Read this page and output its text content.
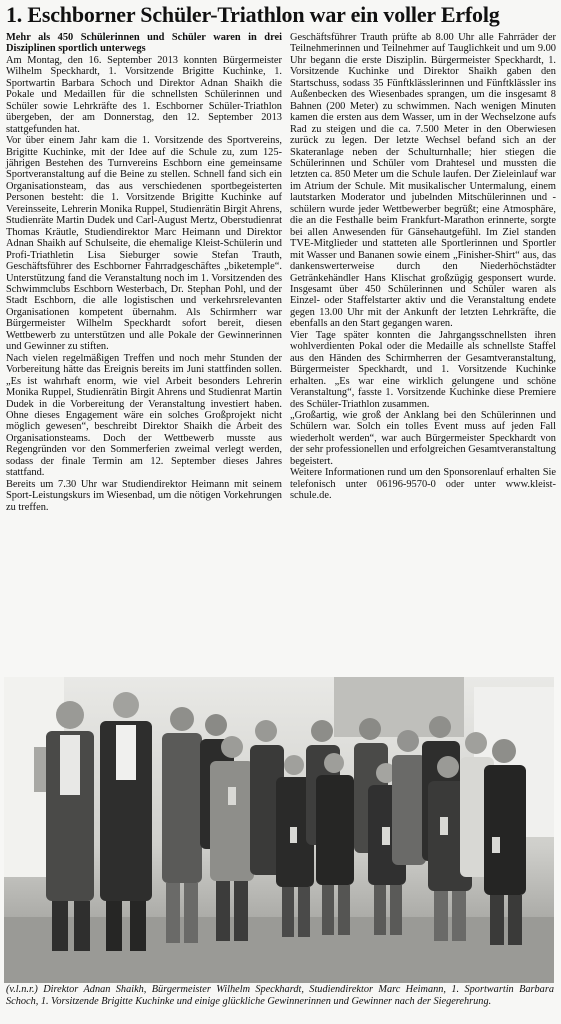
1. Eschborner Schüler-Triathlon war ein voller Erfolg

Mehr als 450 Schülerinnen und Schüler waren in drei Disziplinen sportlich unterwegs

Am Montag, den 16. September 2013 konnten Bürgermeister Wilhelm Speckhardt, 1. Vorsitzende Brigitte Kuchinke, 1. Sportwartin Barbara Schoch und Direktor Adnan Shaikh die Pokale und Medaillen für die schnellsten Schülerinnen und Schüler sowie Lehrkräfte des 1. Eschborner Schüler-Triathlon übergeben, der am Donnerstag, den 12. September 2013 stattgefunden hat.

Vor über einem Jahr kam die 1. Vorsitzende des Sportvereins, Brigitte Kuchinke, mit der Idee auf die Schule zu, zum 125-jährigen Bestehen des Turnvereins Eschborn eine gemeinsame Sportveranstaltung auf die Beine zu stellen. Schnell fand sich ein Organisationsteam, das aus verschiedenen sportbegeisterten Personen besteht: die 1. Vorsitzende Brigitte Kuchinke auf Vereinsseite, Lehrerin Monika Ruppel, Studienrätin Birgit Ahrens, Studienräte Martin Dudek und Carl-August Mertz, Oberstudienrat Thomas Kräutle, Studiendirektor Marc Heimann und Direktor Adnan Shaikh auf Schulseite, die ehemalige Kleist-Schülerin und Profi-Triathletin Lisa Sieburger sowie Stefan Trauth, Geschäftsführer des Eschborner Fahrradgeschäftes „biketemple“. Unterstützung fand die Veranstaltung noch im 1. Vorsitzenden des Schwimmclubs Eschborn Westerbach, Dr. Stephan Pohl, und der Stadt Eschborn, die alle logistischen und verkehrsrelevanten Organisationen kompetent übernahm. Als Schirmherr war Bürgermeister Wilhelm Speckhardt sofort bereit, diesen Wettbewerb zu unterstützen und alle Pokale der Gewinnerinnen und Gewinner zu stiften.

Nach vielen regelmäßigen Treffen und noch mehr Stunden der Vorbereitung hätte das Ereignis bereits im Juni stattfinden sollen. „Es ist wahrhaft enorm, wie viel Arbeit besonders Lehrerin Monika Ruppel, Studienrätin Birgit Ahrens und Studienrat Martin Dudek in die Vorbereitung der Veranstaltung investiert haben. Ohne dieses Engagement wäre ein solches Großprojekt nicht möglich gewesen“, beschreibt Direktor Shaikh die Arbeit des Organisationsteams. Doch der Wettbewerb musste aus Regengründen vor den Sommerferien zweimal verlegt werden, sodass der finale Termin am 12. September dieses Jahres stattfand.

Bereits um 7.30 Uhr war Studiendirektor Heimann mit seinem Sport-Leistungskurs im Wiesenbad, um die nötigen Vorkehrungen zu treffen.

Geschäftsführer Trauth prüfte ab 8.00 Uhr alle Fahrräder der Teilnehmerinnen und Teilnehmer auf Tauglichkeit und um 9.00 Uhr begann die erste Disziplin. Bürgermeister Speckhardt, 1. Vorsitzende Kuchinke und Direktor Shaikh gaben den Startschuss, sodass 35 Fünftklässlerinnen und Fünftklässler ins Außenbecken des Wiesenbades sprangen, um die insgesamt 8 Bahnen (200 Meter) zu schwimmen. Nach wenigen Minuten kamen die ersten aus dem Wasser, um in der Wechselzone aufs Rad zu steigen und die ca. 7.500 Meter in den Oberwiesen zurück zu legen. Der letzte Wechsel befand sich an der Skateranlage neben der Schulturnhalle; hier stiegen die Schülerinnen und Schüler vom Drahtesel und mussten die letzten ca. 850 Meter um die Schule laufen. Der Zieleinlauf war im Atrium der Schule. Mit musikalischer Untermalung, einem lautstarken Moderator und jubelnden Mitschülerinnen und -schülern wurde jeder Wettbewerber begrüßt; eine Atmosphäre, die an die Festhalle beim Frankfurt-Marathon erinnerte, sorgte bei allen Anwesenden für Gänsehautgefühl. Im Ziel standen TVE-Mitglieder und statteten alle Sportlerinnen und Sportler mit Wasser und Bananen sowie einem „Finisher-Shirt“ aus, das dankenswerterweise durch den Niederhöchstädter Getränkehändler Hans Klischat großzügig gesponsert wurde. Insgesamt über 450 Schülerinnen und Schüler waren als Einzel- oder Staffelstarter aktiv und die Veranstaltung endete gegen 13.00 Uhr mit der Ankunft der letzten Lehrkräfte, die ebenfalls an den Start gegangen waren.

Vier Tage später konnten die Jahrgangsschnellsten ihren wohlverdienten Pokal oder die Medaille als schnellste Staffel aus den Händen des Schirmherren der Gesamtveranstaltung, Bürgermeister Speckhardt, und 1. Vorsitzende Kuchinke erhalten. „Es war eine wirklich gelungene und schöne Veranstaltung“, fasste 1. Vorsitzende Kuchinke diese Premiere des Schüler-Triathlon zusammen.

„Großartig, wie groß der Anklang bei den Schülerinnen und Schülern war. Solch ein tolles Event muss auf jeden Fall wiederholt werden“, war auch Bürgermeister Speckhardt von der sehr professionellen und erfolgreichen Gesamtveranstaltung begeistert.

Weitere Informationen rund um den Sponsorenlauf erhalten Sie telefonisch unter 06196-9570-0 oder unter www.kleist-schule.de.

(v.l.n.r.) Direktor Adnan Shaikh, Bürgermeister Wilhelm Speckhardt, Studiendirektor Marc Heimann, 1. Sportwartin Barbara Schoch, 1. Vorsitzende Brigitte Kuchinke und einige glückliche Gewinnerinnen und Gewinner nach der Siegerehrung.
